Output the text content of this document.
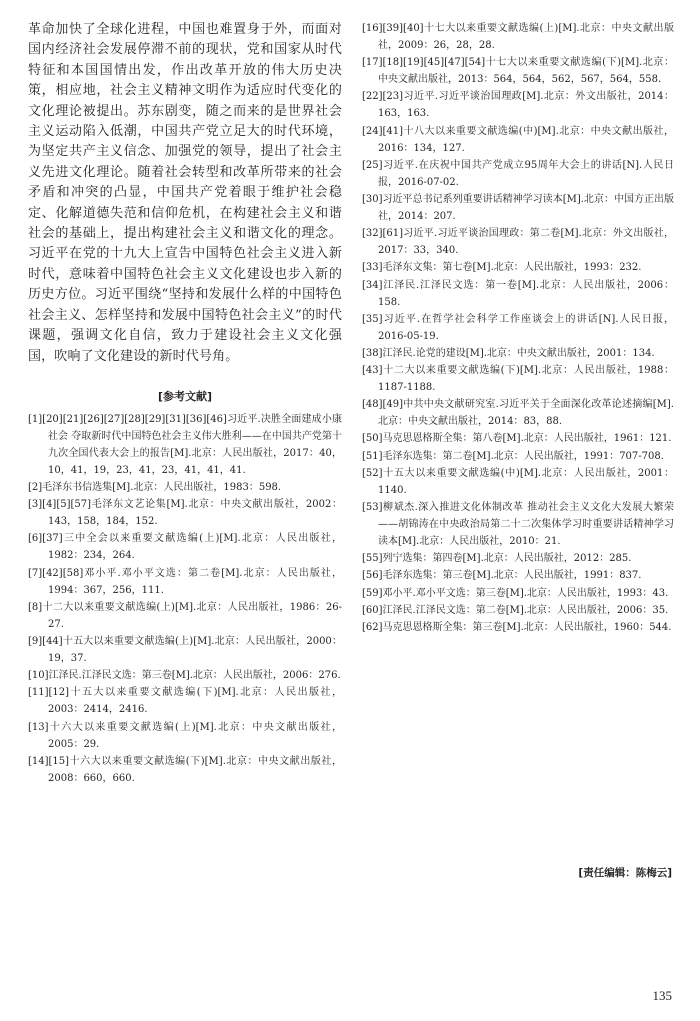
革命加快了全球化进程，中国也难置身于外，而面对国内经济社会发展停滞不前的现状，党和国家从时代特征和本国国情出发，作出改革开放的伟大历史决策，相应地，社会主义精神文明作为适应时代变化的文化理论被提出。苏东剧变，随之而来的是世界社会主义运动陷入低潮，中国共产党立足大的时代环境，为坚定共产主义信念、加强党的领导，提出了社会主义先进文化理论。随着社会转型和改革所带来的社会矛盾和冲突的凸显，中国共产党着眼于维护社会稳定、化解道德失范和信仰危机，在构建社会主义和谐社会的基础上，提出构建社会主义和谐文化的理念。习近平在党的十九大上宣告中国特色社会主义进入新时代，意味着中国特色社会主义文化建设也步入新的历史方位。习近平围绕“坚持和发展什么样的中国特色社会主义、怎样坚持和发展中国特色社会主义”的时代课题，强调文化自信，致力于建设社会主义文化强国，吹响了文化建设的新时代号角。

[参考文献]
[1][20][21][26][27][28][29][31][36][46]习近平.决胜全面建成小康社会 夺取新时代中国特色社会主义伟大胜利——在中国共产党第十九次全国代表大会上的报告[M].北京：人民出版社，2017：40，10，41，19，23，41，23，41，41，41.
[2]毛泽东书信选集[M].北京：人民出版社，1983：598.
[3][4][5][57]毛泽东文艺论集[M].北京：中央文献出版社，2002：143，158，184，152.
[6][37]三中全会以来重要文献选编(上)[M].北京：人民出版社，1982：234，264.
[7][42][58]邓小平.邓小平文选：第二卷[M].北京：人民出版社，1994：367，256，111.
[8]十二大以来重要文献选编(上)[M].北京：人民出版社，1986：26-27.
[9][44]十五大以来重要文献选编(上)[M].北京：人民出版社，2000：19，37.
[10]江泽民.江泽民文选：第三卷[M].北京：人民出版社，2006：276.
[11][12]十五大以来重要文献选编(下)[M].北京：人民出版社，2003：2414，2416.
[13]十六大以来重要文献选编(上)[M].北京：中央文献出版社，2005：29.
[14][15]十六大以来重要文献选编(下)[M].北京：中央文献出版社，2008：660，660.
[16][39][40]十七大以来重要文献选编(上)[M].北京：中央文献出版社，2009：26，28，28.
[17][18][19][45][47][54]十七大以来重要文献选编(下)[M].北京：中央文献出版社，2013：564，564，562，567，564，558.
[22][23]习近平.习近平谈治国理政[M].北京：外文出版社，2014：163，163.
[24][41]十八大以来重要文献选编(中)[M].北京：中央文献出版社，2016：134，127.
[25]习近平.在庆祝中国共产党成立95周年大会上的讲话[N].人民日报，2016-07-02.
[30]习近平总书记系列重要讲话精神学习读本[M].北京：中国方正出版社，2014：207.
[32][61]习近平.习近平谈治国理政：第二卷[M].北京：外文出版社，2017：33，340.
[33]毛泽东文集：第七卷[M].北京：人民出版社，1993：232.
[34]江泽民.江泽民文选：第一卷[M].北京：人民出版社，2006：158.
[35]习近平.在哲学社会科学工作座谈会上的讲话[N].人民日报，2016-05-19.
[38]江泽民.论党的建设[M].北京：中央文献出版社，2001：134.
[43]十二大以来重要文献选编(下)[M].北京：人民出版社，1988：1187-1188.
[48][49]中共中央文献研究室.习近平关于全面深化改革论述摘编[M].北京：中央文献出版社，2014：83，88.
[50]马克思恩格斯全集：第八卷[M].北京：人民出版社，1961：121.
[51]毛泽东选集：第二卷[M].北京：人民出版社，1991：707-708.
[52]十五大以来重要文献选编(中)[M].北京：人民出版社，2001：1140.
[53]柳斌杰.深入推进文化体制改革 推动社会主义文化大发展大繁荣——胡锦涛在中央政治局第二十二次集体学习时重要讲话精神学习读本[M].北京：人民出版社，2010：21.
[55]列宁选集：第四卷[M].北京：人民出版社，2012：285.
[56]毛泽东选集：第三卷[M].北京：人民出版社，1991：837.
[59]邓小平.邓小平文选：第三卷[M].北京：人民出版社，1993：43.
[60]江泽民.江泽民文选：第二卷[M].北京：人民出版社，2006：35.
[62]马克思恩格斯全集：第三卷[M].北京：人民出版社，1960：544.
[责任编辑：陈梅云]
135
